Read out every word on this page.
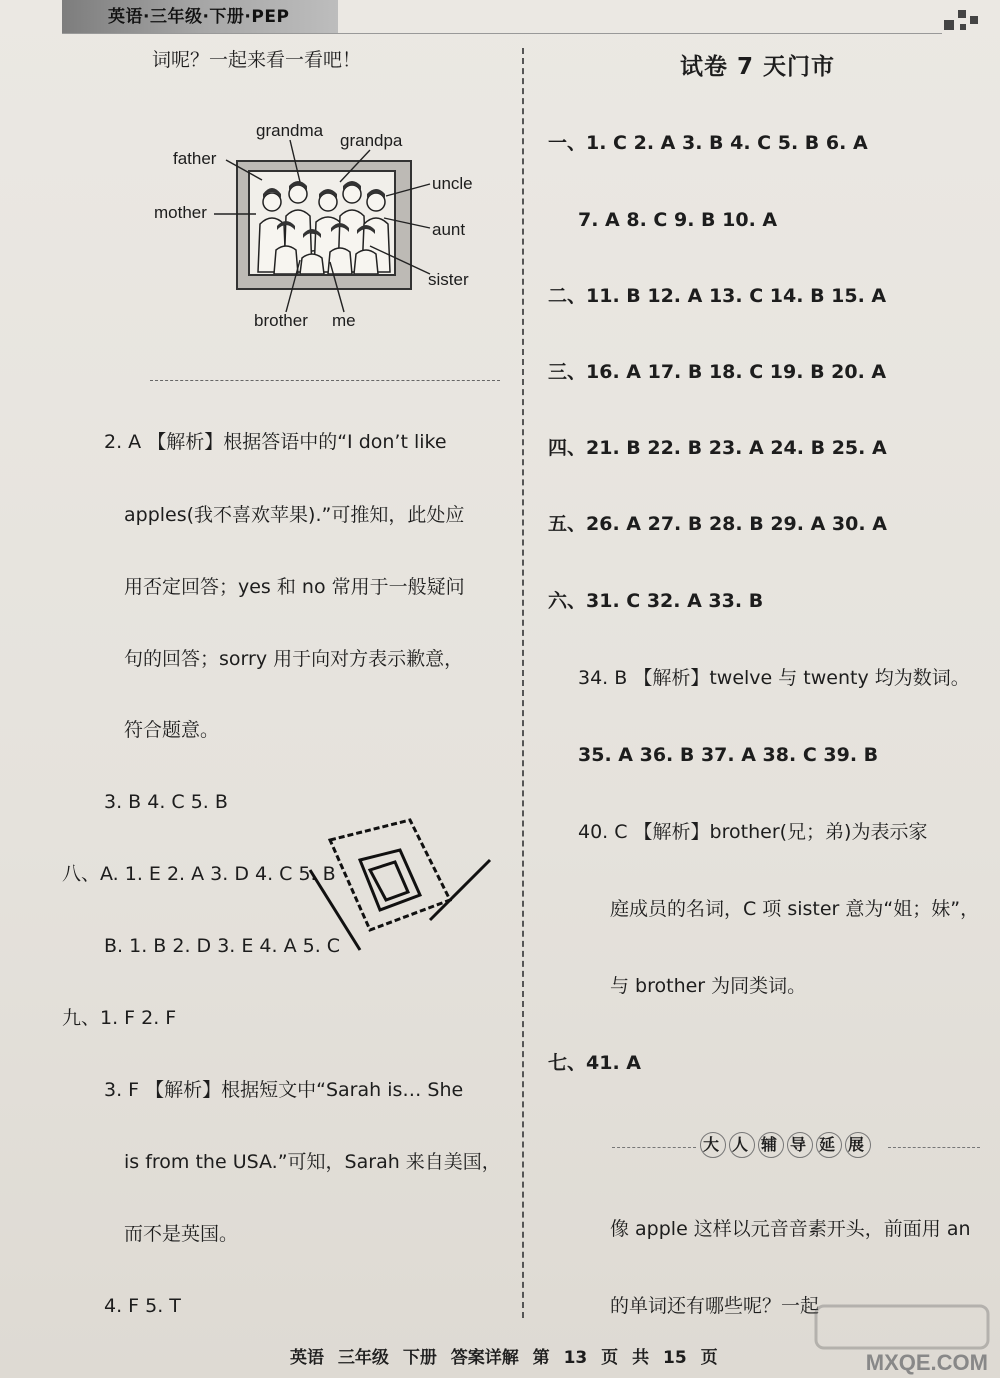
英语·三年级·下册·PEP
词呢？一起来看一看吧！
grandma
grandpa
father
uncle
mother
aunt
sister
brother me
2. A 【解析】根据答语中的“I don’t like
apples(我不喜欢苹果).”可推知，此处应
用否定回答；yes 和 no 常用于一般疑问
句的回答；sorry 用于向对方表示歉意，
符合题意。
3. B 4. C 5. B
八、A. 1. E 2. A 3. D 4. C 5. B
B. 1. B 2. D 3. E 4. A 5. C
九、1. F 2. F
3. F 【解析】根据短文中“Sarah is… She
is from the USA.”可知，Sarah 来自美国，
而不是英国。
4. F 5. T
试卷 7 天门市
一、1. C 2. A 3. B 4. C 5. B 6. A
7. A 8. C 9. B 10. A
二、11. B 12. A 13. C 14. B 15. A
三、16. A 17. B 18. C 19. B 20. A
四、21. B 22. B 23. A 24. B 25. A
五、26. A 27. B 28. B 29. A 30. A
六、31. C 32. A 33. B
34. B 【解析】twelve 与 twenty 均为数词。
35. A 36. B 37. A 38. C 39. B
40. C 【解析】brother(兄；弟)为表示家
庭成员的名词，C 项 sister 意为“姐；妹”，
与 brother 为同类词。
七、41. A
大 人 辅 导 延 展
像 apple 这样以元音音素开头，前面用 an
的单词还有哪些呢？一起
英语 三年级 下册 答案详解 第 13 页 共 15 页	MXQE.COM
